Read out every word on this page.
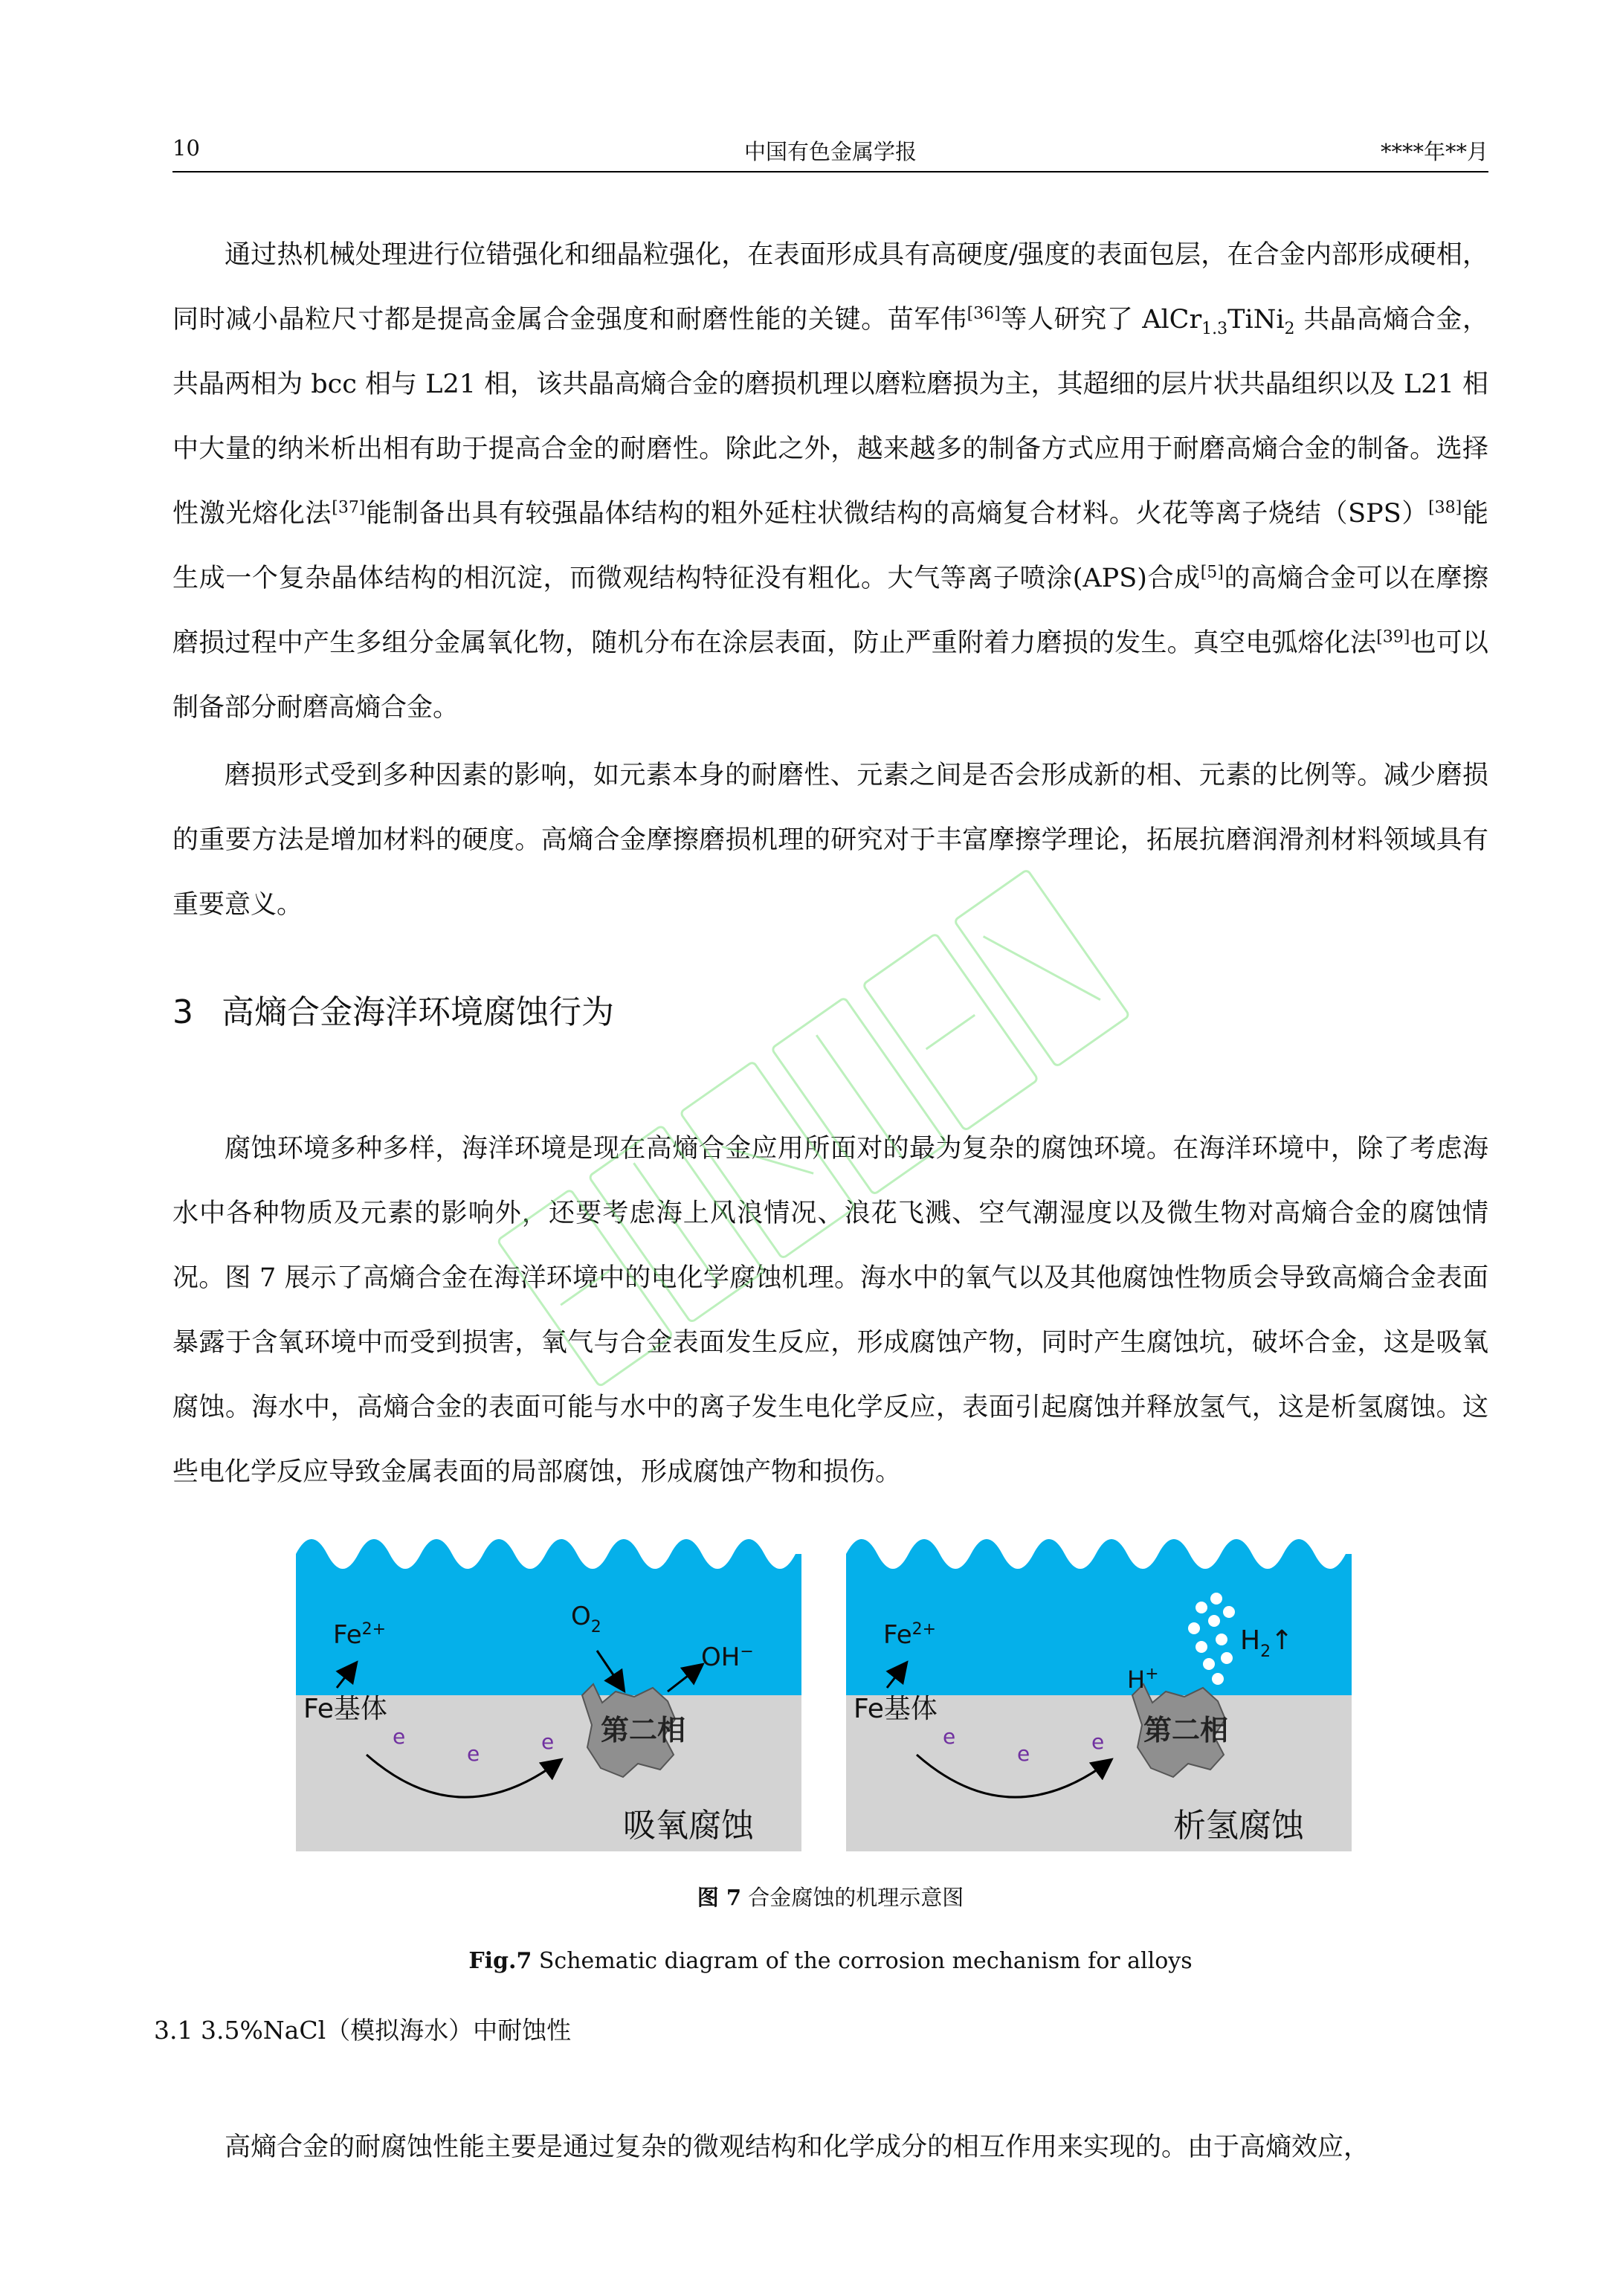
10	中国有色金属学报	****年**月

通过热机械处理进行位错强化和细晶粒强化，在表面形成具有高硬度/强度的表面包层，在合金内部形成硬相，同时减小晶粒尺寸都是提高金属合金强度和耐磨性能的关键。苗军伟[36]等人研究了 AlCr$_{1.3}$TiNi$_2$ 共晶高熵合金，共晶两相为 bcc 相与 L21 相，该共晶高熵合金的磨损机理以磨粒磨损为主，其超细的层片状共晶组织以及 L21 相中大量的纳米析出相有助于提高合金的耐磨性。除此之外，越来越多的制备方式应用于耐磨高熵合金的制备。选择性激光熔化法[37]能制备出具有较强晶体结构的粗外延柱状微结构的高熵复合材料。火花等离子烧结（SPS）[38]能生成一个复杂晶体结构的相沉淀，而微观结构特征没有粗化。大气等离子喷涂(APS)合成[5]的高熵合金可以在摩擦磨损过程中产生多组分金属氧化物，随机分布在涂层表面，防止严重附着力磨损的发生。真空电弧熔化法[39]也可以制备部分耐磨高熵合金。

磨损形式受到多种因素的影响，如元素本身的耐磨性、元素之间是否会形成新的相、元素的比例等。减少磨损的重要方法是增加材料的硬度。高熵合金摩擦磨损机理的研究对于丰富摩擦学理论，拓展抗磨润滑剂材料领域具有重要意义。

3 高熵合金海洋环境腐蚀行为

腐蚀环境多种多样，海洋环境是现在高熵合金应用所面对的最为复杂的腐蚀环境。在海洋环境中，除了考虑海水中各种物质及元素的影响外，还要考虑海上风浪情况、浪花飞溅、空气潮湿度以及微生物对高熵合金的腐蚀情况。图 7 展示了高熵合金在海洋环境中的电化学腐蚀机理。海水中的氧气以及其他腐蚀性物质会导致高熵合金表面暴露于含氧环境中而受到损害，氧气与合金表面发生反应，形成腐蚀产物，同时产生腐蚀坑，破坏合金，这是吸氧腐蚀。海水中，高熵合金的表面可能与水中的离子发生电化学反应，表面引起腐蚀并释放氢气，这是析氢腐蚀。这些电化学反应导致金属表面的局部腐蚀，形成腐蚀产物和损伤。

第二相
$Fe^{2+}$
Fe基体
$O_2$
OH−
e
e	e
吸氧腐蚀
第二相
$Fe^{2+}$
Fe基体
H+
$H_2↑$
e
e	e
析氢腐蚀

图 7 合金腐蚀的机理示意图

Fig.7 Schematic diagram of the corrosion mechanism for alloys

3.1 3.5%NaCl（模拟海水）中耐蚀性

高熵合金的耐腐蚀性能主要是通过复杂的微观结构和化学成分的相互作用来实现的。由于高熵效应，
